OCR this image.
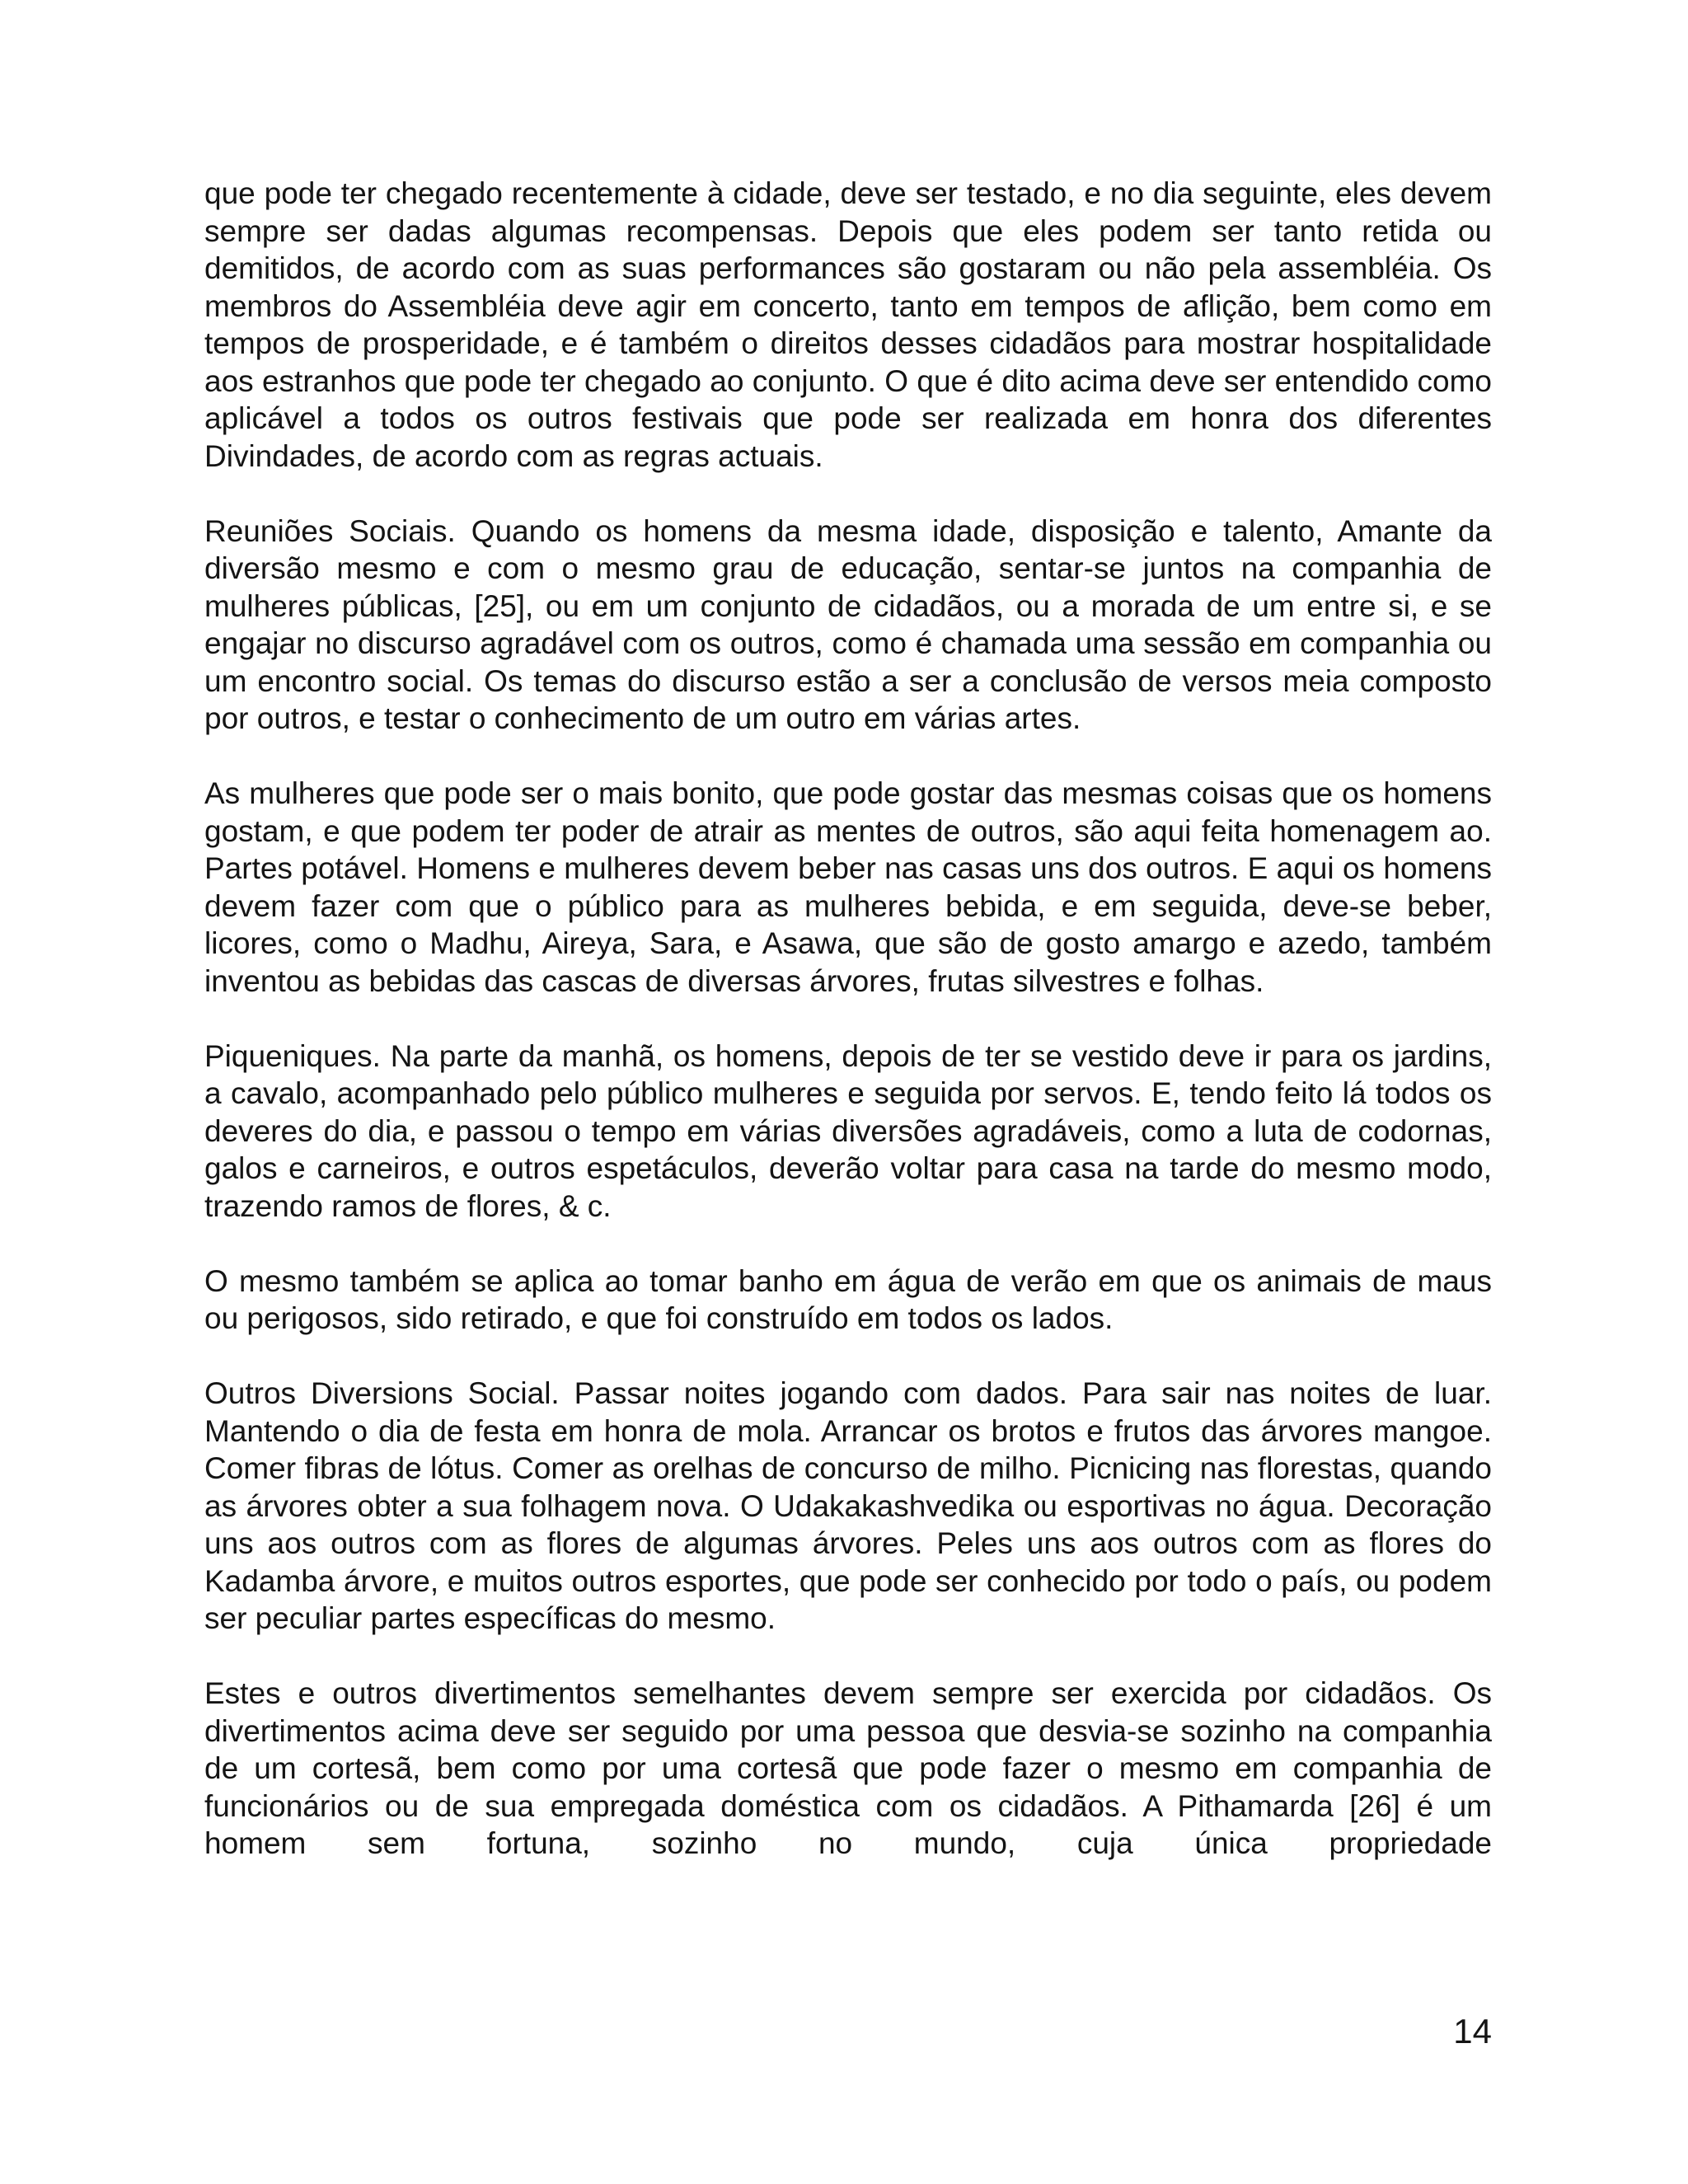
que pode ter chegado recentemente à cidade, deve ser testado, e no dia seguinte, eles devem sempre ser dadas algumas recompensas. Depois que eles podem ser tanto retida ou demitidos, de acordo com as suas performances são gostaram ou não pela assembléia. Os membros do Assembléia deve agir em concerto, tanto em tempos de aflição, bem como em tempos de prosperidade, e é também o direitos desses cidadãos para mostrar hospitalidade aos estranhos que pode ter chegado ao conjunto. O que é dito acima deve ser entendido como aplicável a todos os outros festivais que pode ser realizada em honra dos diferentes Divindades, de acordo com as regras actuais.

Reuniões Sociais. Quando os homens da mesma idade, disposição e talento, Amante da diversão mesmo e com o mesmo grau de educação, sentar-se juntos na companhia de mulheres públicas, [25], ou em um conjunto de cidadãos, ou a morada de um entre si, e se engajar no discurso agradável com os outros, como é chamada uma sessão em companhia ou um encontro social. Os temas do discurso estão a ser a conclusão de versos meia composto por outros, e testar o conhecimento de um outro em várias artes.

As mulheres que pode ser o mais bonito, que pode gostar das mesmas coisas que os homens gostam, e que podem ter poder de atrair as mentes de outros, são aqui feita homenagem ao. Partes potável. Homens e mulheres devem beber nas casas uns dos outros. E aqui os homens devem fazer com que o público para as mulheres bebida, e em seguida, deve-se beber, licores, como o Madhu, Aireya, Sara, e Asawa, que são de gosto amargo e azedo, também inventou as bebidas das cascas de diversas árvores, frutas silvestres e folhas.

Piqueniques. Na parte da manhã, os homens, depois de ter se vestido deve ir para os jardins, a cavalo, acompanhado pelo público mulheres e seguida por servos. E, tendo feito lá todos os deveres do dia, e passou o tempo em várias diversões agradáveis, como a luta de codornas, galos e carneiros, e outros espetáculos, deverão voltar para casa na tarde do mesmo modo, trazendo ramos de flores, & c.

O mesmo também se aplica ao tomar banho em água de verão em que os animais de maus ou perigosos, sido retirado, e que foi construído em todos os lados.

Outros Diversions Social. Passar noites jogando com dados. Para sair nas noites de luar. Mantendo o dia de festa em honra de mola. Arrancar os brotos e frutos das árvores mangoe. Comer fibras de lótus. Comer as orelhas de concurso de milho. Picnicing nas florestas, quando as árvores obter a sua folhagem nova. O Udakakashvedika ou esportivas no água. Decoração uns aos outros com as flores de algumas árvores. Peles uns aos outros com as flores do Kadamba árvore, e muitos outros esportes, que pode ser conhecido por todo o país, ou podem ser peculiar partes específicas do mesmo.

Estes e outros divertimentos semelhantes devem sempre ser exercida por cidadãos. Os divertimentos acima deve ser seguido por uma pessoa que desvia-se sozinho na companhia de um cortesã, bem como por uma cortesã que pode fazer o mesmo em companhia de funcionários ou de sua empregada doméstica com os cidadãos. A Pithamarda [26] é um homem sem fortuna, sozinho no mundo, cuja única propriedade

14
